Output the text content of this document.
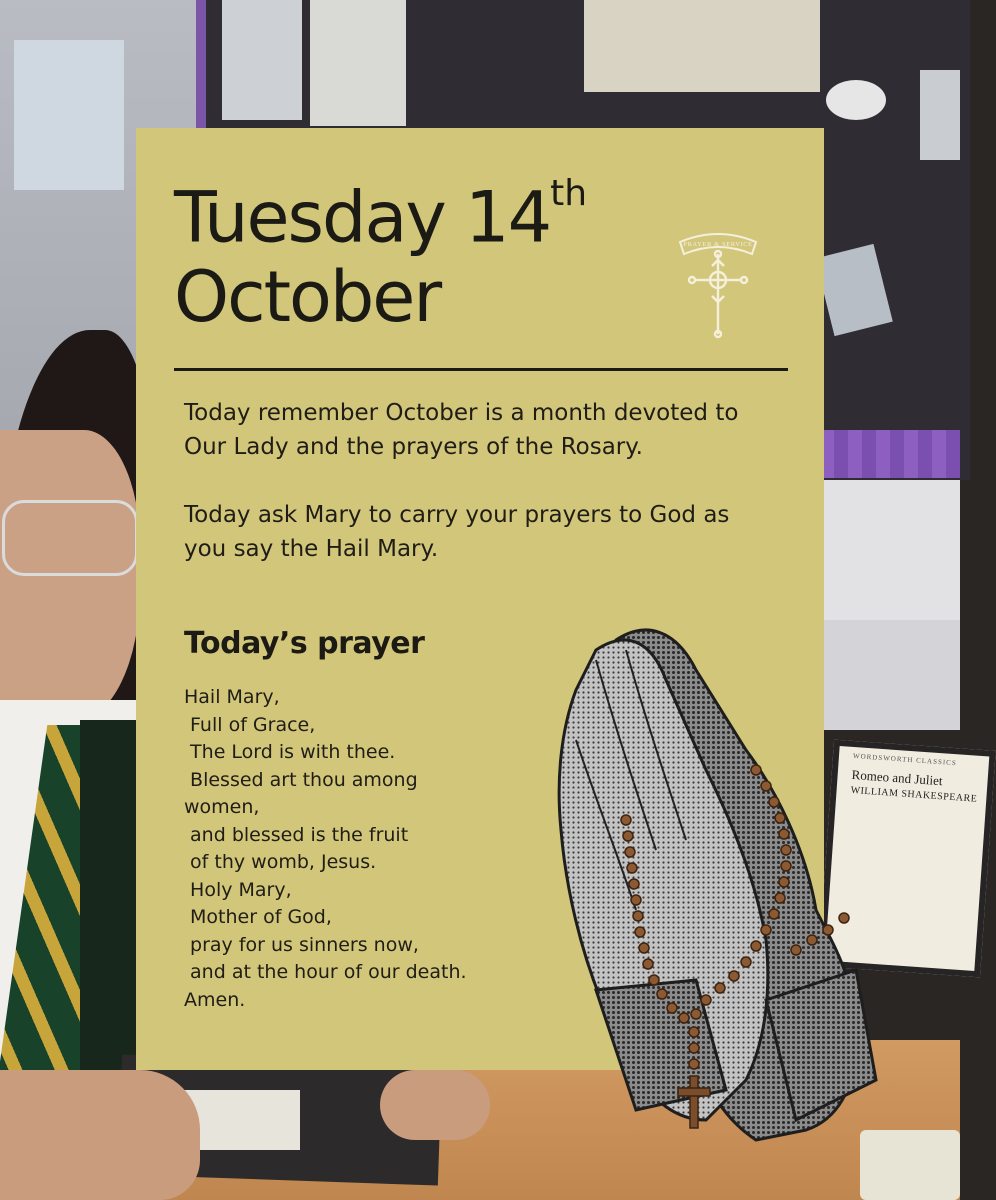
WORDSWORTH CLASSICS
Romeo and Juliet
WILLIAM SHAKESPEARE
Tuesday 14th
October
PRAYER & SERVICE

Today remember October is a month devoted to Our Lady and the prayers of the Rosary.

Today ask Mary to carry your prayers to God as you say the Hail Mary.

Today’s prayer
Hail Mary,
Full of Grace,
The Lord is with thee.
Blessed art thou among
women,
and blessed is the fruit
of thy womb, Jesus.
Holy Mary,
Mother of God,
pray for us sinners now,
and at the hour of our death.
Amen.
